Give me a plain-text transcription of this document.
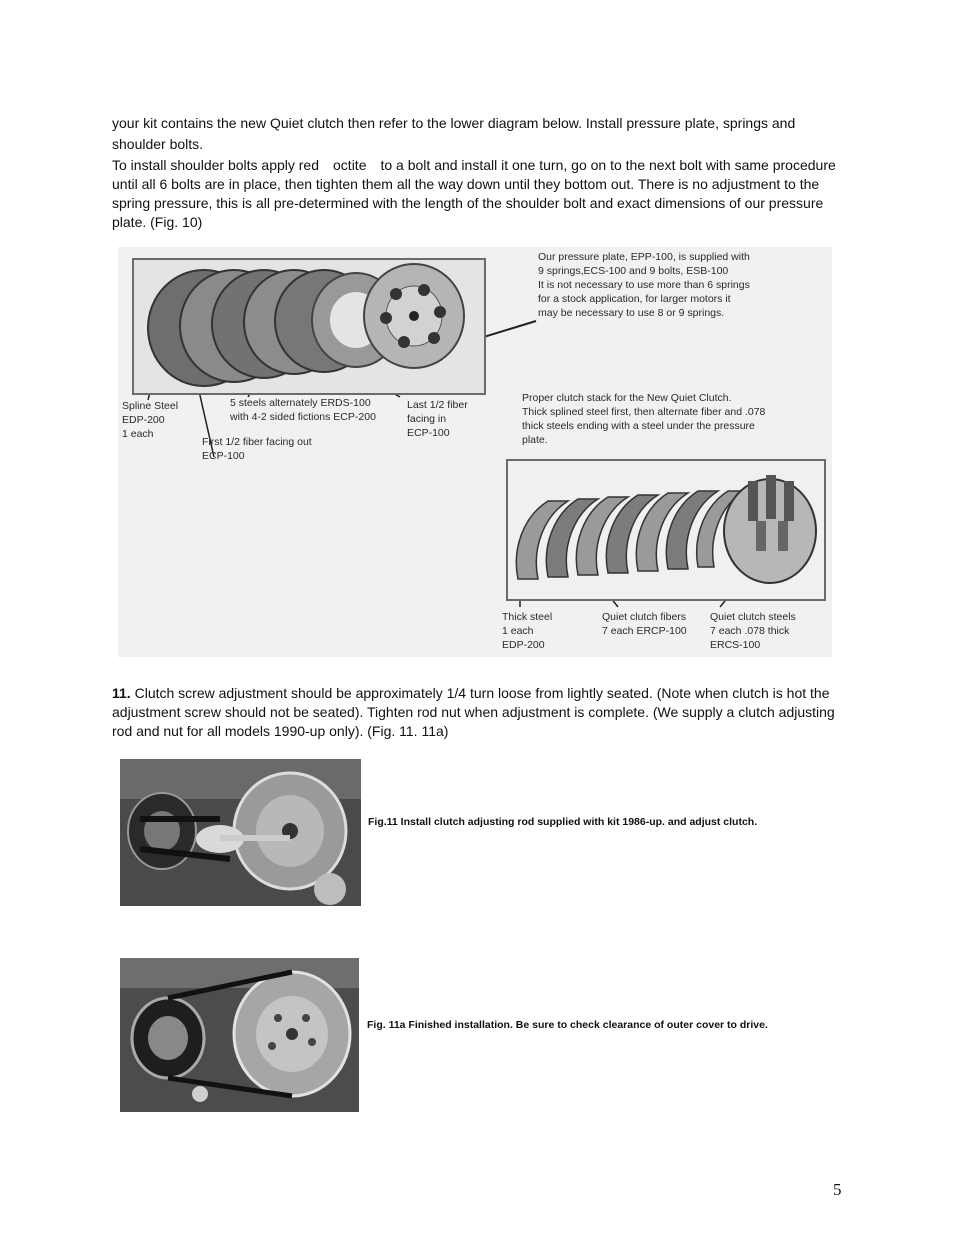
your kit contains the new Quiet clutch then refer to the lower diagram below. Install pressure plate, springs and
shoulder bolts.
To install shoulder bolts apply red octite to a bolt and install it one turn, go on to the next bolt with same procedure until all 6 bolts are in place, then tighten them all the way down until they bottom out. There is no adjustment to the spring pressure, this is all pre-determined with the length of the shoulder bolt and exact dimensions of our pressure plate. (Fig. 10)
Our pressure plate, EPP-100, is supplied with
9 springs,ECS-100 and 9 bolts, ESB-100
It is not necessary to use more than 6 springs
for a stock application, for larger motors it
may be necessary to use 8 or 9 springs.
Spline Steel
EDP-200
1 each
5 steels alternately ERDS-100
with 4-2 sided fictions ECP-200
Last 1/2 fiber
facing in
ECP-100
First 1/2 fiber facing out
ECP-100
Proper clutch stack for the New Quiet Clutch.
Thick splined steel first, then alternate fiber and .078
thick steels ending with a steel under the pressure
plate.
Thick steel
1 each
EDP-200
Quiet clutch fibers
7 each ERCP-100
Quiet clutch steels
7 each .078 thick
ERCS-100
11. Clutch screw adjustment should be approximately 1/4 turn loose from lightly seated. (Note when clutch is hot the adjustment screw should not be seated). Tighten rod nut when adjustment is complete. (We supply a clutch adjusting rod and nut for all models 1990-up only). (Fig. 11. 11a)
Fig.11 Install clutch adjusting rod supplied with kit 1986-up. and adjust clutch.
Fig. 11a Finished installation. Be sure to check clearance of outer cover to drive.
5
